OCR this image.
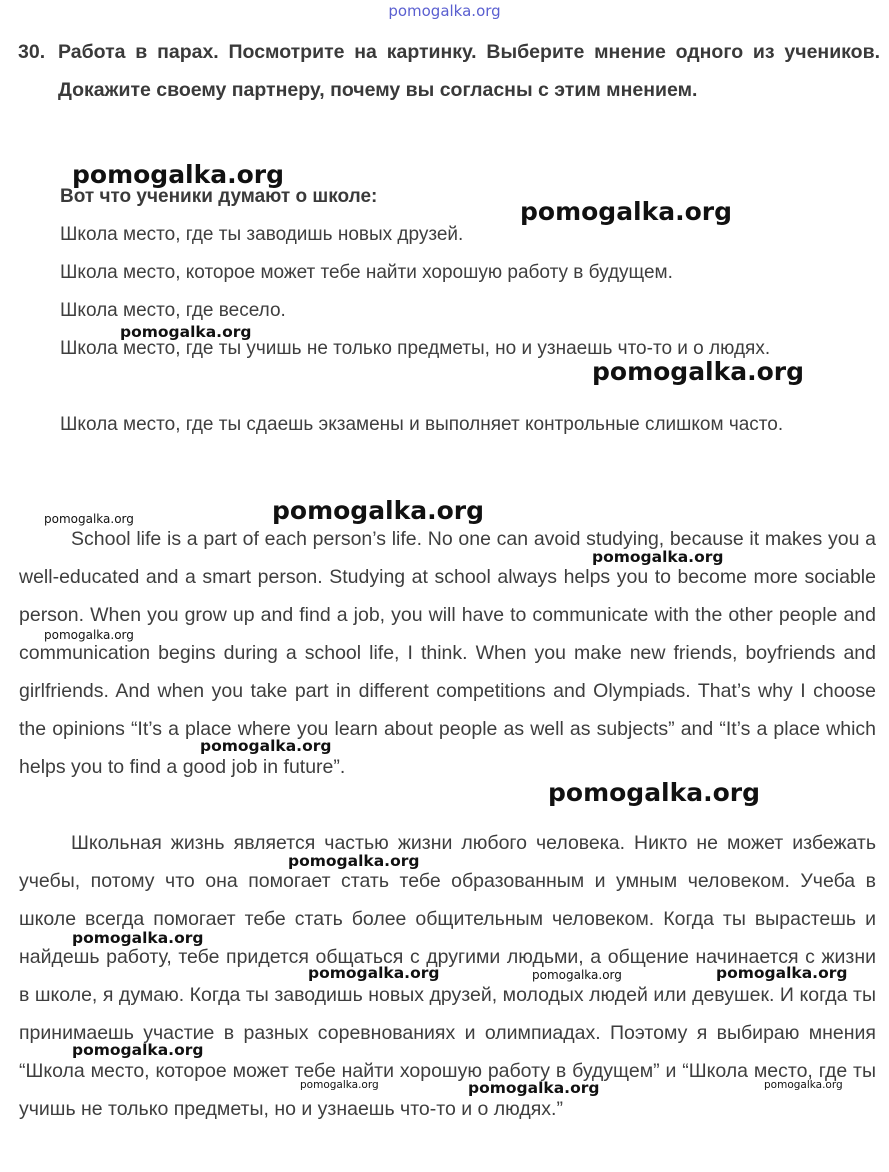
pomogalka.org
30. Работа в парах. Посмотрите на картинку. Выберите мнение одного из учеников. Докажите своему партнеру, почему вы согласны с этим мнением.
Вот что ученики думают о школе:
Школа место, где ты заводишь новых друзей.
Школа место, которое может тебе найти хорошую работу в будущем.
Школа место, где весело.
Школа место, где ты учишь не только предметы, но и узнаешь что-то и о людях.
Школа место, где ты сдаешь экзамены и выполняет контрольные слишком часто.
School life is a part of each person’s life. No one can avoid studying, because it makes you a well-educated and a smart person. Studying at school always helps you to become more sociable person. When you grow up and find a job, you will have to communicate with the other people and communication begins during a school life, I think. When you make new friends, boyfriends and girlfriends. And when you take part in different competitions and Olympiads. That’s why I choose the opinions “It’s a place where you learn about people as well as subjects” and “It’s a place which helps you to find a good job in future”.
Школьная жизнь является частью жизни любого человека. Никто не может избежать учебы, потому что она помогает стать тебе образованным и умным человеком. Учеба в школе всегда помогает тебе стать более общительным человеком. Когда ты вырастешь и найдешь работу, тебе придется общаться с другими людьми, а общение начинается с жизни в школе, я думаю. Когда ты заводишь новых друзей, молодых людей или девушек. И когда ты принимаешь участие в разных соревнованиях и олимпиадах. Поэтому я выбираю мнения “Школа место, которое может тебе найти хорошую работу в будущем” и “Школа место, где ты учишь не только предметы, но и узнаешь что-то и о людях.”
pomogalka.org
pomogalka.org
pomogalka.org
pomogalka.org
pomogalka.org	pomogalka.org
pomogalka.org
pomogalka.org
pomogalka.org
pomogalka.org
pomogalka.org
pomogalka.org
pomogalka.org	pomogalka.org	pomogalka.org
pomogalka.org
pomogalka.org	pomogalka.org	pomogalka.org
